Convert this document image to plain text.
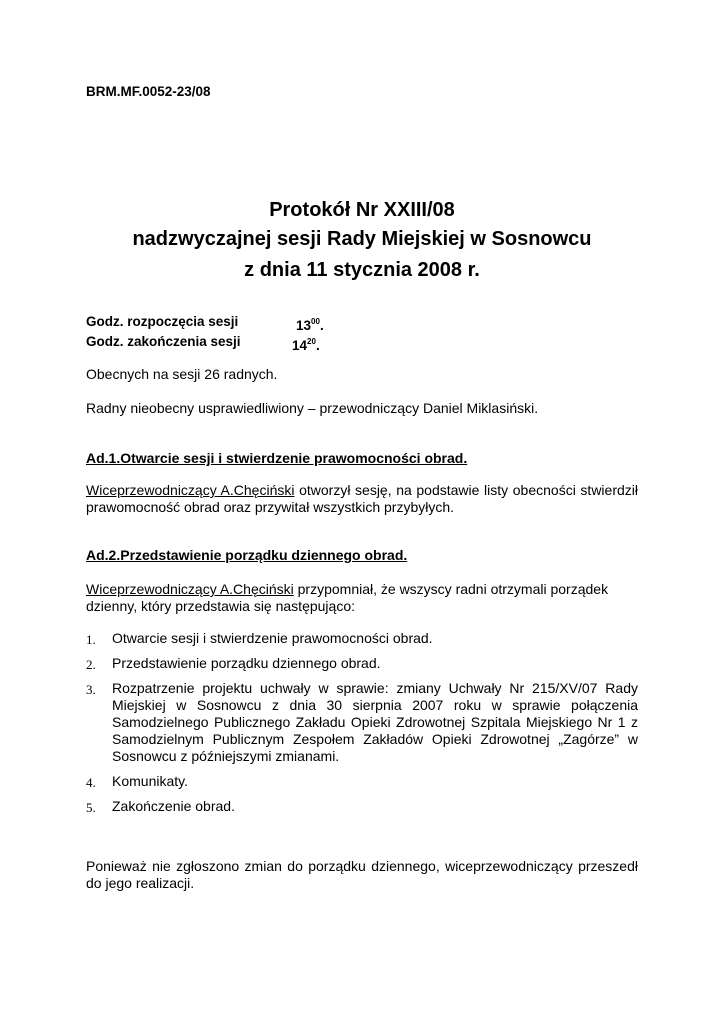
BRM.MF.0052-23/08
Protokół Nr XXIII/08
nadzwyczajnej sesji Rady Miejskiej w Sosnowcu
z dnia 11 stycznia 2008 r.
Godz. rozpoczęcia sesji	$13^{00}$.
Godz. zakończenia sesji	$14^{20}$.
Obecnych na sesji 26 radnych.
Radny nieobecny usprawiedliwiony – przewodniczący Daniel Miklasiński.
Ad.1.Otwarcie sesji i stwierdzenie prawomocności obrad.
Wiceprzewodniczący A.Chęciński otworzył sesję, na podstawie listy obecności stwierdził prawomocność obrad oraz przywitał wszystkich przybyłych.
Ad.2.Przedstawienie porządku dziennego obrad.
Wiceprzewodniczący A.Chęciński przypomniał, że wszyscy radni otrzymali porządek dzienny, który przedstawia się następująco:
1. Otwarcie sesji i stwierdzenie prawomocności obrad.
2. Przedstawienie porządku dziennego obrad.
3. Rozpatrzenie projektu uchwały w sprawie: zmiany Uchwały Nr 215/XV/07 Rady Miejskiej w Sosnowcu z dnia 30 sierpnia 2007 roku w sprawie połączenia Samodzielnego Publicznego Zakładu Opieki Zdrowotnej Szpitala Miejskiego Nr 1 z Samodzielnym Publicznym Zespołem Zakładów Opieki Zdrowotnej „Zagórze” w Sosnowcu z późniejszymi zmianami.
4. Komunikaty.
5. Zakończenie obrad.
Ponieważ nie zgłoszono zmian do porządku dziennego, wiceprzewodniczący przeszedł do jego realizacji.
